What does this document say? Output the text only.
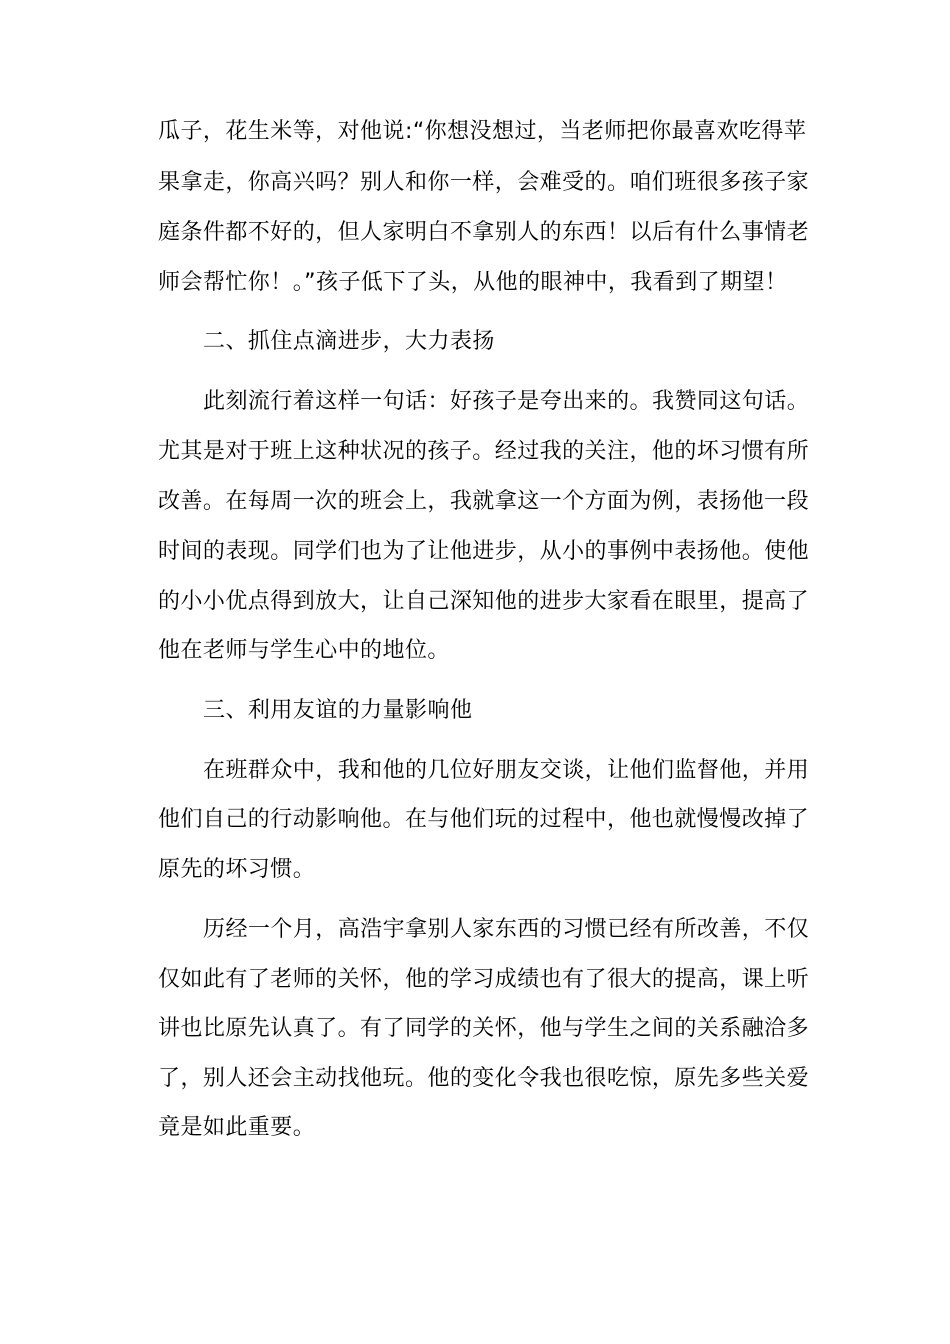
瓜子，花生米等，对他说:“你想没想过，当老师把你最喜欢吃得苹
果拿走，你高兴吗？别人和你一样，会难受的。咱们班很多孩子家
庭条件都不好的，但人家明白不拿别人的东西！以后有什么事情老
师会帮忙你！。”孩子低下了头，从他的眼神中，我看到了期望！
二、抓住点滴进步，大力表扬
此刻流行着这样一句话：好孩子是夸出来的。我赞同这句话。
尤其是对于班上这种状况的孩子。经过我的关注，他的坏习惯有所
改善。在每周一次的班会上，我就拿这一个方面为例，表扬他一段
时间的表现。同学们也为了让他进步，从小的事例中表扬他。使他
的小小优点得到放大，让自己深知他的进步大家看在眼里，提高了
他在老师与学生心中的地位。
三、利用友谊的力量影响他
在班群众中，我和他的几位好朋友交谈，让他们监督他，并用
他们自己的行动影响他。在与他们玩的过程中，他也就慢慢改掉了
原先的坏习惯。
历经一个月，高浩宇拿别人家东西的习惯已经有所改善，不仅
仅如此有了老师的关怀，他的学习成绩也有了很大的提高，课上听
讲也比原先认真了。有了同学的关怀，他与学生之间的关系融洽多
了，别人还会主动找他玩。他的变化令我也很吃惊，原先多些关爱
竟是如此重要。
